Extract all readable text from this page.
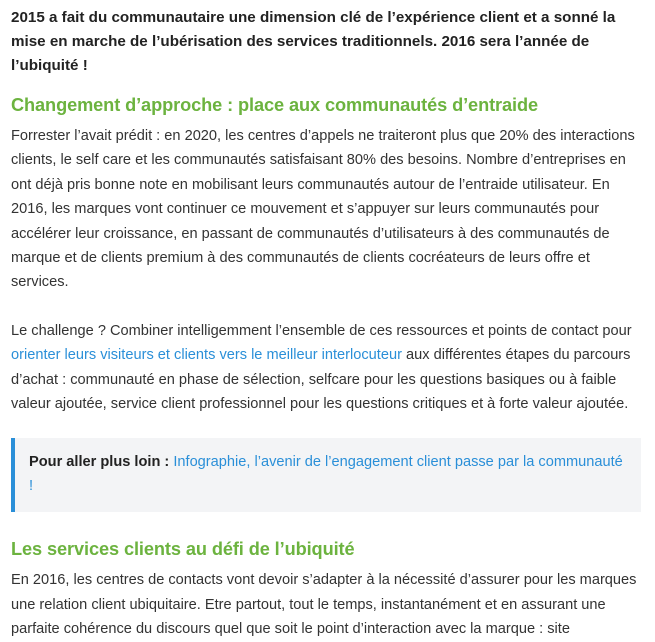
2015 a fait du communautaire une dimension clé de l’expérience client et a sonné la mise en marche de l’ubérisation des services traditionnels. 2016 sera l’année de l’ubiquité !

Changement d’approche : place aux communautés d’entraide

Forrester l’avait prédit : en 2020, les centres d’appels ne traiteront plus que 20% des interactions clients, le self care et les communautés satisfaisant 80% des besoins. Nombre d’entreprises en ont déjà pris bonne note en mobilisant leurs communautés autour de l’entraide utilisateur. En 2016, les marques vont continuer ce mouvement et s’appuyer sur leurs communautés pour accélérer leur croissance, en passant de communautés d’utilisateurs à des communautés de marque et de clients premium à des communautés de clients cocréateurs de leurs offre et services.

Le challenge ? Combiner intelligemment l’ensemble de ces ressources et points de contact pour orienter leurs visiteurs et clients vers le meilleur interlocuteur aux différentes étapes du parcours d’achat : communauté en phase de sélection, selfcare pour les questions basiques ou à faible valeur ajoutée, service client professionnel pour les questions critiques et à forte valeur ajoutée.

Pour aller plus loin : Infographie, l’avenir de l’engagement client passe par la communauté !
Les services clients au défi de l’ubiquité

En 2016, les centres de contacts vont devoir s’adapter à la nécessité d’assurer pour les marques une relation client ubiquitaire. Etre partout, tout le temps, instantanément et en assurant une parfaite cohérence du discours quel que soit le point d’interaction avec la marque : site
